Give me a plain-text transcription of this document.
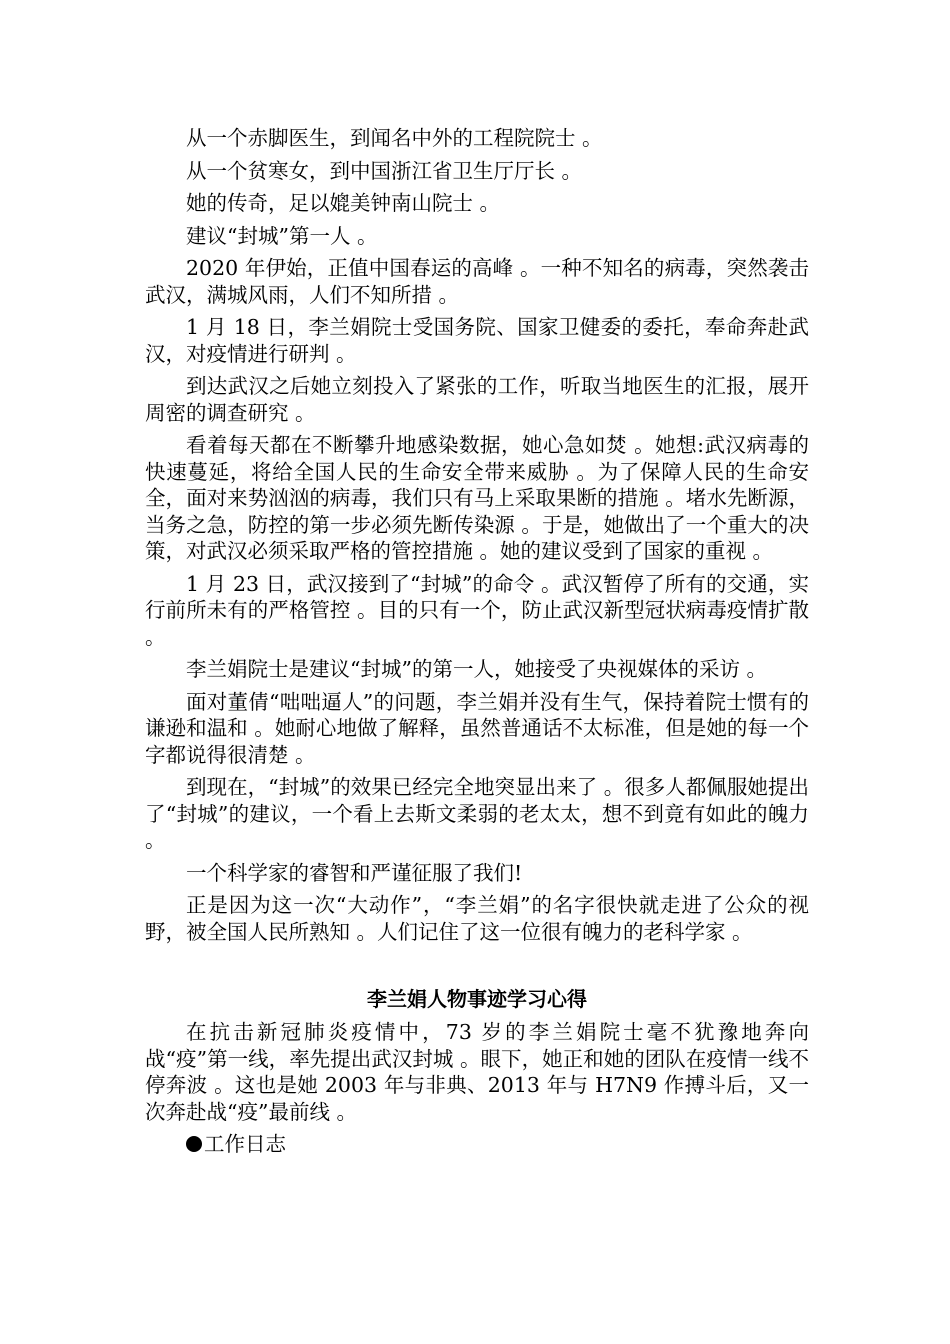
从一个赤脚医生，到闻名中外的工程院院士 。

从一个贫寒女，到中国浙江省卫生厅厅长 。

她的传奇，足以媲美钟南山院士 。

建议“封城”第一人 。

2020 年伊始，正值中国春运的高峰 。一种不知名的病毒，突然袭击武汉，满城风雨，人们不知所措 。

1 月 18 日，李兰娟院士受国务院、国家卫健委的委托，奉命奔赴武汉，对疫情进行研判 。

到达武汉之后她立刻投入了紧张的工作，听取当地医生的汇报，展开周密的调查研究 。

看着每天都在不断攀升地感染数据，她心急如焚 。她想:武汉病毒的快速蔓延，将给全国人民的生命安全带来威胁 。为了保障人民的生命安全，面对来势汹汹的病毒，我们只有马上采取果断的措施 。堵水先断源，当务之急，防控的第一步必须先断传染源 。于是，她做出了一个重大的决策，对武汉必须采取严格的管控措施 。她的建议受到了国家的重视 。

1 月 23 日，武汉接到了“封城”的命令 。武汉暂停了所有的交通，实行前所未有的严格管控 。目的只有一个，防止武汉新型冠状病毒疫情扩散 。

李兰娟院士是建议“封城”的第一人，她接受了央视媒体的采访 。

面对董倩“咄咄逼人”的问题，李兰娟并没有生气，保持着院士惯有的谦逊和温和 。她耐心地做了解释，虽然普通话不太标准，但是她的每一个字都说得很清楚 。

到现在，“封城”的效果已经完全地突显出来了 。很多人都佩服她提出了“封城”的建议，一个看上去斯文柔弱的老太太，想不到竟有如此的魄力 。

一个科学家的睿智和严谨征服了我们!

正是因为这一次“大动作”，“李兰娟”的名字很快就走进了公众的视野，被全国人民所熟知 。人们记住了这一位很有魄力的老科学家 。

李兰娟人物事迹学习心得

在抗击新冠肺炎疫情中，73 岁的李兰娟院士毫不犹豫地奔向战“疫”第一线，率先提出武汉封城 。眼下，她正和她的团队在疫情一线不停奔波 。这也是她 2003 年与非典、2013 年与 H7N9 作搏斗后，又一次奔赴战“疫”最前线 。

工作日志
